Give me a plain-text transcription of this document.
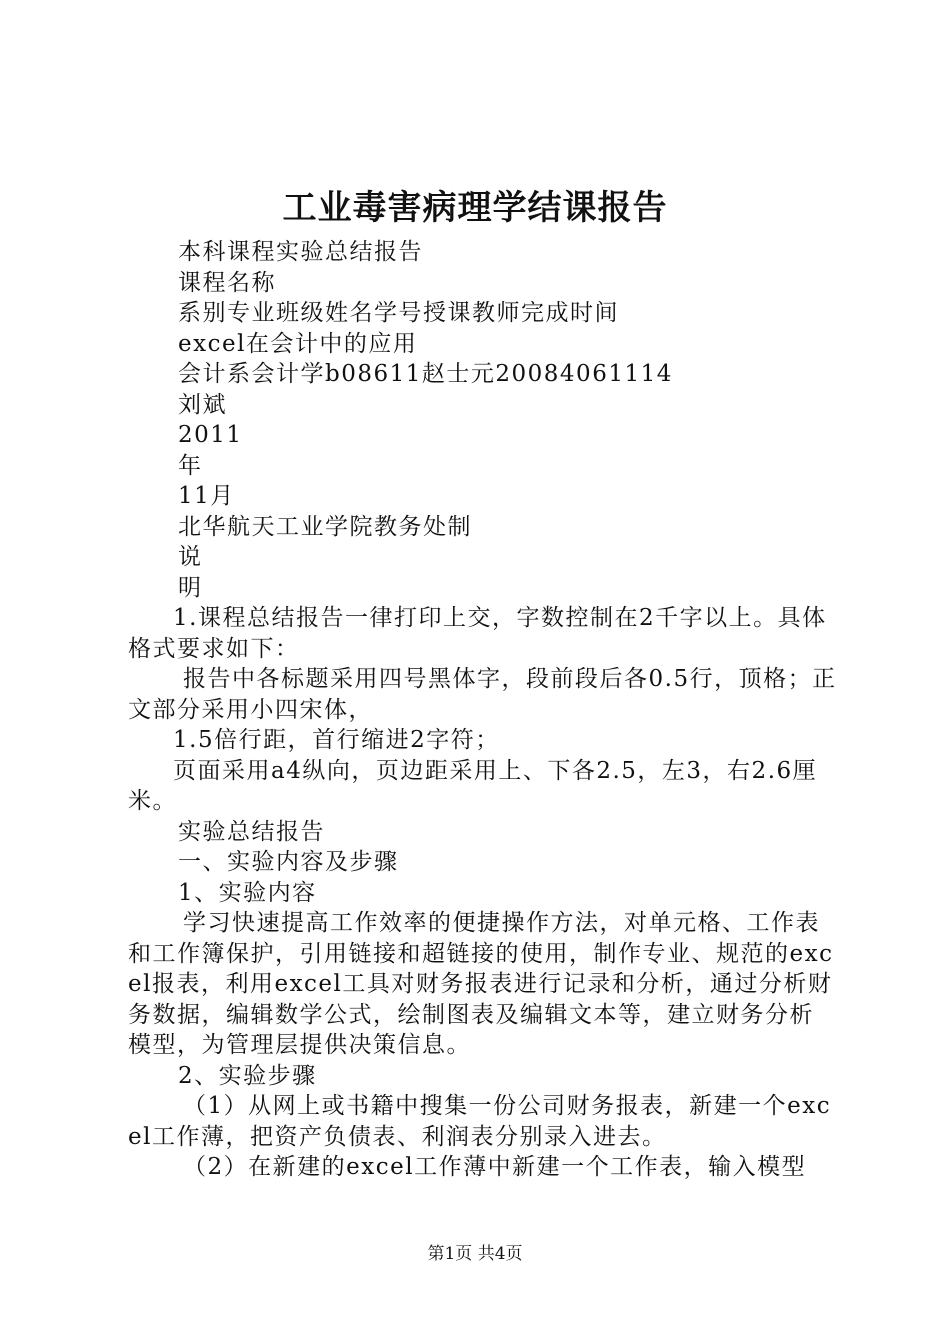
工业毒害病理学结课报告

本科课程实验总结报告

课程名称

系别专业班级姓名学号授课教师完成时间

excel在会计中的应用

会计系会计学b08611赵士元20084061114

刘斌

2011

年

11月

北华航天工业学院教务处制

说

明

1.课程总结报告一律打印上交，字数控制在2千字以上。具体格式要求如下：

报告中各标题采用四号黑体字，段前段后各0.5行，顶格；正文部分采用小四宋体，

1.5倍行距，首行缩进2字符；

页面采用a4纵向，页边距采用上、下各2.5，左3，右2.6厘米。

实验总结报告

一、实验内容及步骤

1、实验内容

学习快速提高工作效率的便捷操作方法，对单元格、工作表和工作簿保护，引用链接和超链接的使用，制作专业、规范的excel报表，利用excel工具对财务报表进行记录和分析，通过分析财务数据，编辑数学公式，绘制图表及编辑文本等，建立财务分析模型，为管理层提供决策信息。

2、实验步骤

（1）从网上或书籍中搜集一份公司财务报表，新建一个excel工作薄，把资产负债表、利润表分别录入进去。

（2）在新建的excel工作薄中新建一个工作表，输入模型

第1页 共4页
